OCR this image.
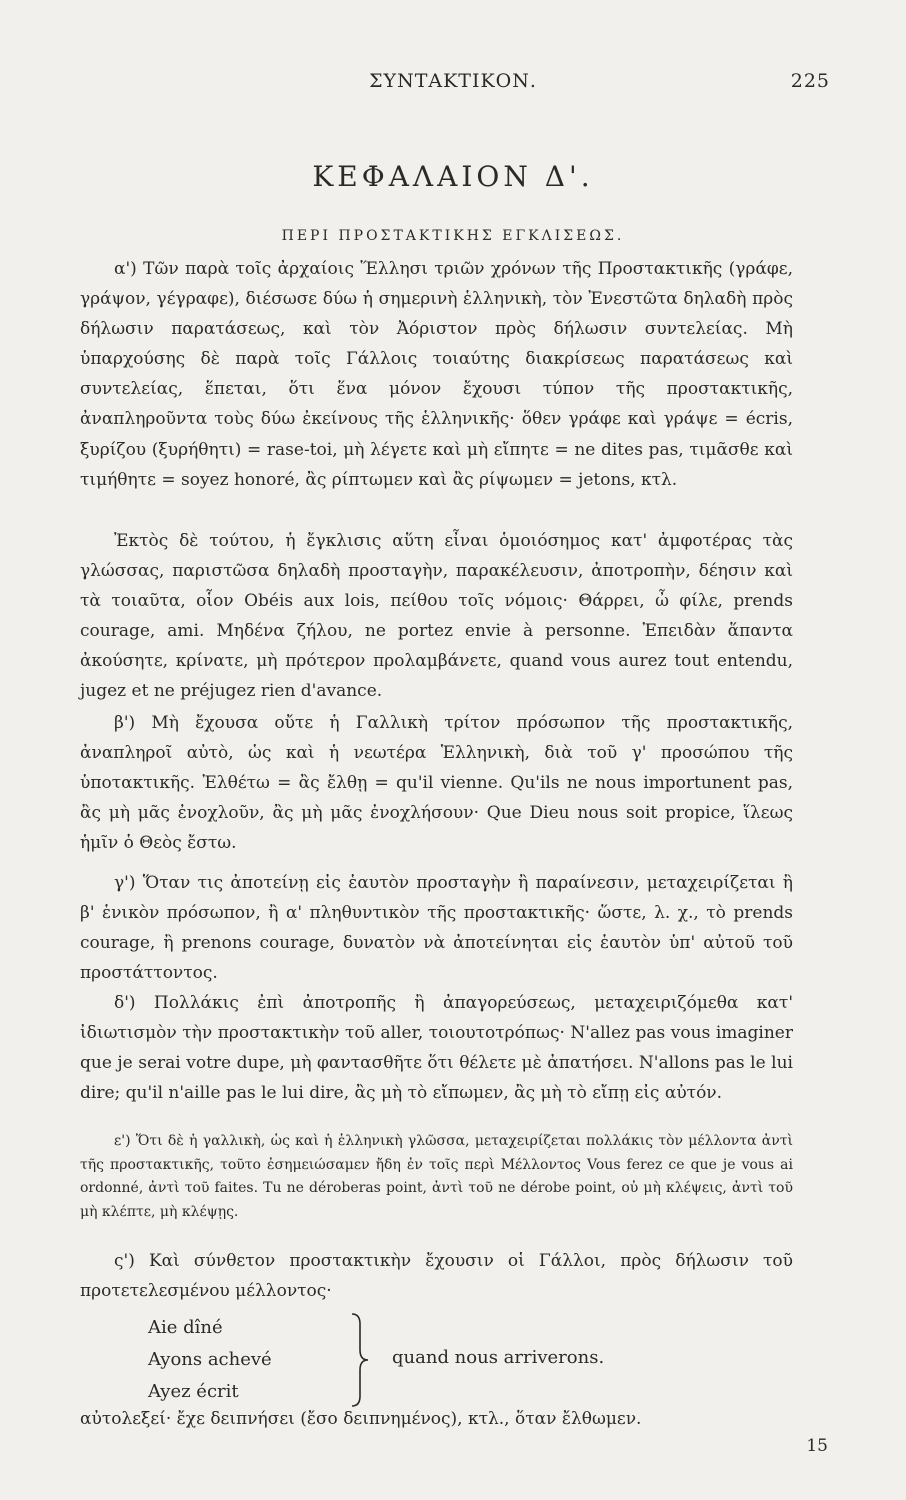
ΣΥΝΤΑΚΤΙΚΟΝ.	225
ΚΕΦΑΛΑΙΟΝ Δ'.
ΠΕΡΙ ΠΡΟΣΤΑΚΤΙΚΗΣ ΕΓΚΛΙΣΕΩΣ.

α') Τῶν παρὰ τοῖς ἀρχαίοις Ἕλλησι τριῶν χρόνων τῆς Προστακτικῆς (γράφε, γράψον, γέγραφε), διέσωσε δύω ἡ σημερινὴ ἑλληνικὴ, τὸν Ἐνεστῶτα δηλαδὴ πρὸς δήλωσιν παρατάσεως, καὶ τὸν Ἀόριστον πρὸς δήλωσιν συντελείας. Μὴ ὑπαρχούσης δὲ παρὰ τοῖς Γάλλοις τοιαύτης διακρίσεως παρατάσεως καὶ συντελείας, ἕπεται, ὅτι ἕνα μόνον ἔχουσι τύπον τῆς προστακτικῆς, ἀναπληροῦντα τοὺς δύω ἐκείνους τῆς ἑλληνικῆς· ὅθεν γράφε καὶ γράψε = écris, ξυρίζου (ξυρήθητι) = rase-toi, μὴ λέγετε καὶ μὴ εἴπητε = ne dites pas, τιμᾶσθε καὶ τιμήθητε = soyez honoré, ἂς ρίπτωμεν καὶ ἂς ρίψωμεν = jetons, κτλ.

Ἐκτὸς δὲ τούτου, ἡ ἔγκλισις αὕτη εἶναι ὁμοιόσημος κατ' ἀμφοτέρας τὰς γλώσσας, παριστῶσα δηλαδὴ προσταγὴν, παρακέλευσιν, ἀποτροπὴν, δέησιν καὶ τὰ τοιαῦτα, οἷον Obéis aux lois, πείθου τοῖς νόμοις· Θάρρει, ὦ φίλε, prends courage, ami. Μηδένα ζήλου, ne portez envie à personne. Ἐπειδὰν ἅπαντα ἀκούσητε, κρίνατε, μὴ πρότερον προλαμβάνετε, quand vous aurez tout entendu, jugez et ne préjugez rien d'avance.

β') Μὴ ἔχουσα οὔτε ἡ Γαλλικὴ τρίτον πρόσωπον τῆς προστακτικῆς, ἀναπληροῖ αὐτὸ, ὡς καὶ ἡ νεωτέρα Ἑλληνικὴ, διὰ τοῦ γ' προσώπου τῆς ὑποτακτικῆς. Ἐλθέτω = ἂς ἔλθῃ = qu'il vienne. Qu'ils ne nous importunent pas, ἂς μὴ μᾶς ἐνοχλοῦν, ἂς μὴ μᾶς ἐνοχλήσουν· Que Dieu nous soit propice, ἵλεως ἡμῖν ὁ Θεὸς ἔστω.

γ') Ὅταν τις ἀποτείνῃ εἰς ἑαυτὸν προσταγὴν ἢ παραίνεσιν, μεταχειρίζεται ἢ β' ἑνικὸν πρόσωπον, ἢ α' πληθυντικὸν τῆς προστακτικῆς· ὥστε, λ. χ., τὸ prends courage, ἢ prenons courage, δυνατὸν νὰ ἀποτείνηται εἰς ἑαυτὸν ὑπ' αὐτοῦ τοῦ προστάττοντος.

δ') Πολλάκις ἐπὶ ἀποτροπῆς ἢ ἀπαγορεύσεως, μεταχειριζόμεθα κατ' ἰδιωτισμὸν τὴν προστακτικὴν τοῦ aller, τοιουτοτρόπως· N'allez pas vous imaginer que je serai votre dupe, μὴ φαντασθῆτε ὅτι θέλετε μὲ ἀπατήσει. N'allons pas le lui dire; qu'il n'aille pas le lui dire, ἂς μὴ τὸ εἴπωμεν, ἂς μὴ τὸ εἴπῃ εἰς αὐτόν.

ε') Ὅτι δὲ ἡ γαλλικὴ, ὡς καὶ ἡ ἑλληνικὴ γλῶσσα, μεταχειρίζεται πολλάκις τὸν μέλλοντα ἀντὶ τῆς προστακτικῆς, τοῦτο ἐσημειώσαμεν ἤδη ἐν τοῖς περὶ Μέλλοντος Vous ferez ce que je vous ai ordonné, ἀντὶ τοῦ faites. Tu ne déroberas point, ἀντὶ τοῦ ne dérobe point, οὐ μὴ κλέψεις, ἀντὶ τοῦ μὴ κλέπτε, μὴ κλέψῃς.

ς') Καὶ σύνθετον προστακτικὴν ἔχουσιν οἱ Γάλλοι, πρὸς δήλωσιν τοῦ προτετελεσμένου μέλλοντος·

Aie dîné
Ayons achevé
Ayez écrit
quand nous arriverons.

αὐτολεξεί· ἔχε δειπνήσει (ἔσο δειπνημένος), κτλ., ὅταν ἔλθωμεν.

15
